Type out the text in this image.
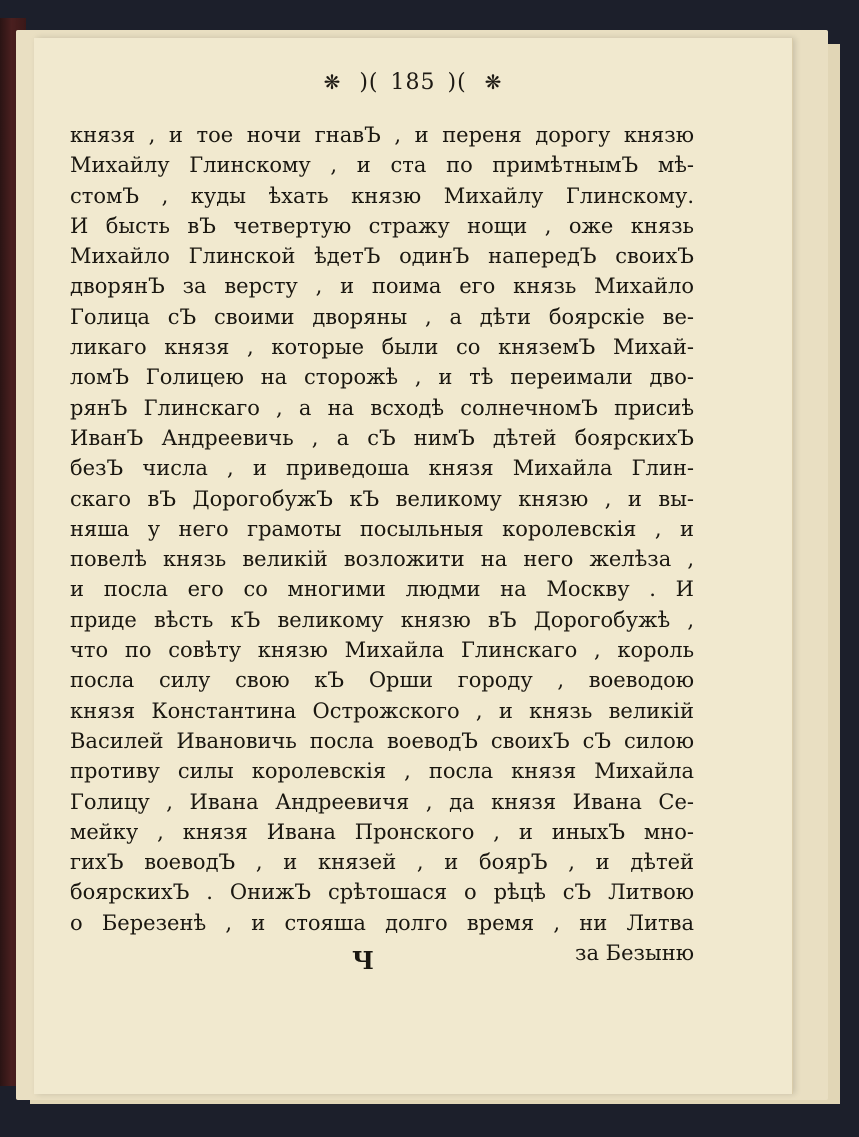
❋ )( 185 )( ❋
князя , и тое ночи гнавЪ , и переня дорогу князю
Михайлу Глинскому , и ста по примѣтнымЪ мѣ-
стомЪ , куды ѣхать князю Михайлу Глинскому.
И бысть вЪ четвертую стражу нощи , оже князь
Михайло Глинской ѣдетЪ одинЪ напередЪ своихЪ
дворянЪ за версту , и поима его князь Михайло
Голица сЪ своими дворяны , а дѣти боярскіе ве-
ликаго князя , которые были со княземЪ Михай-
ломЪ Голицею на сторожѣ , и тѣ переимали дво-
рянЪ Глинскаго , а на всходѣ солнечномЪ присиѣ
ИванЪ Андреевичь , а сЪ нимЪ дѣтей боярскихЪ
безЪ числа , и приведоша князя Михайла Глин-
скаго вЪ ДорогобужЪ кЪ великому князю , и вы-
няша у него грамоты посыльныя королевскія , и
повелѣ князь великій возложити на него желѣза ,
и посла его со многими людми на Москву . И
приде вѣсть кЪ великому князю вЪ Дорогобужѣ ,
что по совѣту князю Михайла Глинскаго , король
посла силу свою кЪ Орши городу , воеводою
князя Константина Острожского , и князь великій
Василей Ивановичь посла воеводЪ своихЪ сЪ силою
противу силы королевскія , посла князя Михайла
Голицу , Ивана Андреевичя , да князя Ивана Се-
мейку , князя Ивана Пронского , и иныхЪ мно-
гихЪ воеводЪ , и князей , и боярЪ , и дѣтей
боярскихЪ . ОнижЪ срѣтошася о рѣцѣ сЪ Литвою
о Березенѣ , и стояша долго время , ни Литва
за Безыню
Ч
